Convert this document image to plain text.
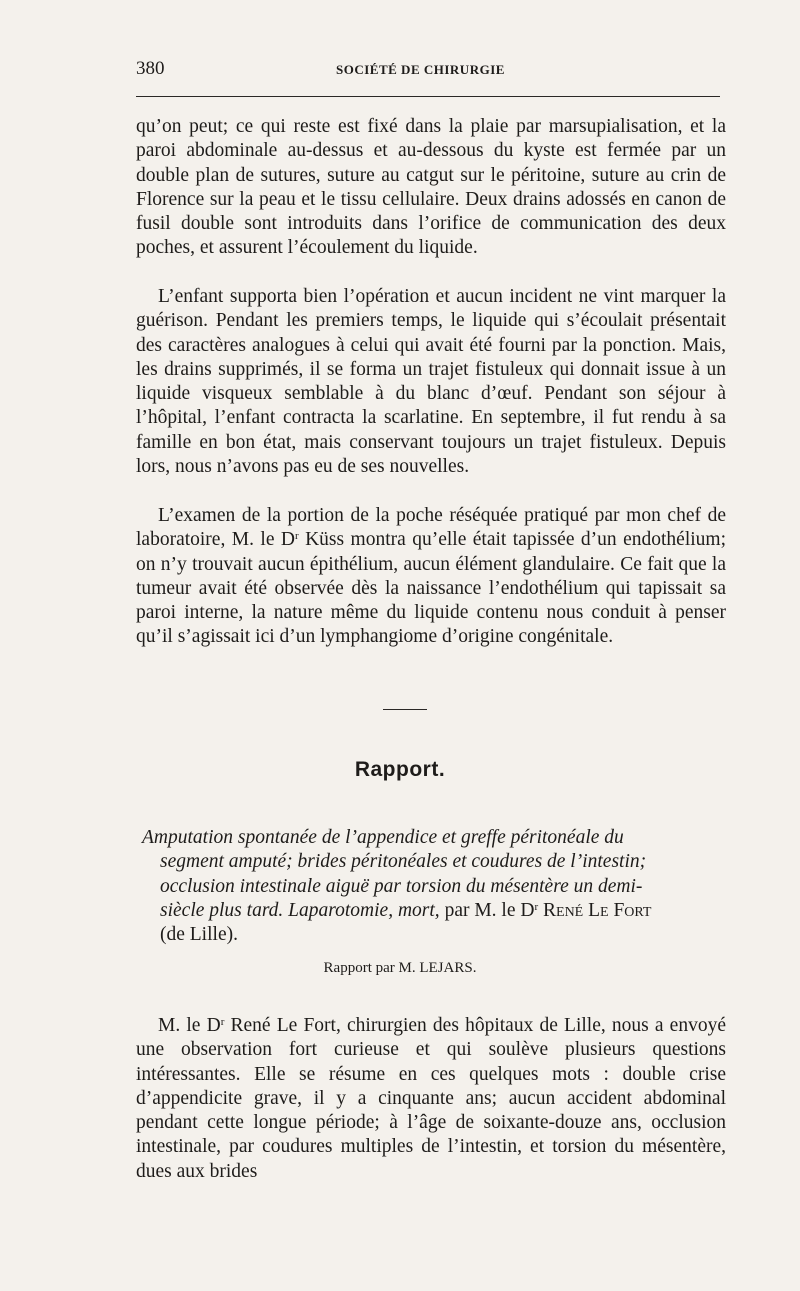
380	SOCIÉTÉ DE CHIRURGIE

qu’on peut; ce qui reste est fixé dans la plaie par marsupialisation, et la paroi abdominale au-dessus et au-dessous du kyste est fermée par un double plan de sutures, suture au catgut sur le péritoine, suture au crin de Florence sur la peau et le tissu cellulaire. Deux drains adossés en canon de fusil double sont introduits dans l’orifice de communication des deux poches, et assurent l’écoulement du liquide.

L’enfant supporta bien l’opération et aucun incident ne vint marquer la guérison. Pendant les premiers temps, le liquide qui s’écoulait présentait des caractères analogues à celui qui avait été fourni par la ponction. Mais, les drains supprimés, il se forma un trajet fistuleux qui donnait issue à un liquide visqueux semblable à du blanc d’œuf. Pendant son séjour à l’hôpital, l’enfant contracta la scarlatine. En septembre, il fut rendu à sa famille en bon état, mais conservant toujours un trajet fistuleux. Depuis lors, nous n’avons pas eu de ses nouvelles.

L’examen de la portion de la poche réséquée pratiqué par mon chef de laboratoire, M. le $D^r$ Küss montra qu’elle était tapissée d’un endothélium; on n’y trouvait aucun épithélium, aucun élément glandulaire. Ce fait que la tumeur avait été observée dès la naissance l’endothélium qui tapissait sa paroi interne, la nature même du liquide contenu nous conduit à penser qu’il s’agissait ici d’un lymphangiome d’origine congénitale.

Rapport.
Amputation spontanée de l’appendice et greffe péritonéale du
segment amputé; brides péritonéales et coudures de l’intestin;
occlusion intestinale aiguë par torsion du mésentère un demi-
siècle plus tard. Laparotomie, mort, par M. le $D^r$ René Le Fort
(de Lille).
Rapport par M. LEJARS.

M. le $D^r$ René Le Fort, chirurgien des hôpitaux de Lille, nous a envoyé une observation fort curieuse et qui soulève plusieurs questions intéressantes. Elle se résume en ces quelques mots : double crise d’appendicite grave, il y a cinquante ans; aucun accident abdominal pendant cette longue période; à l’âge de soixante-douze ans, occlusion intestinale, par coudures multiples de l’intestin, et torsion du mésentère, dues aux brides
